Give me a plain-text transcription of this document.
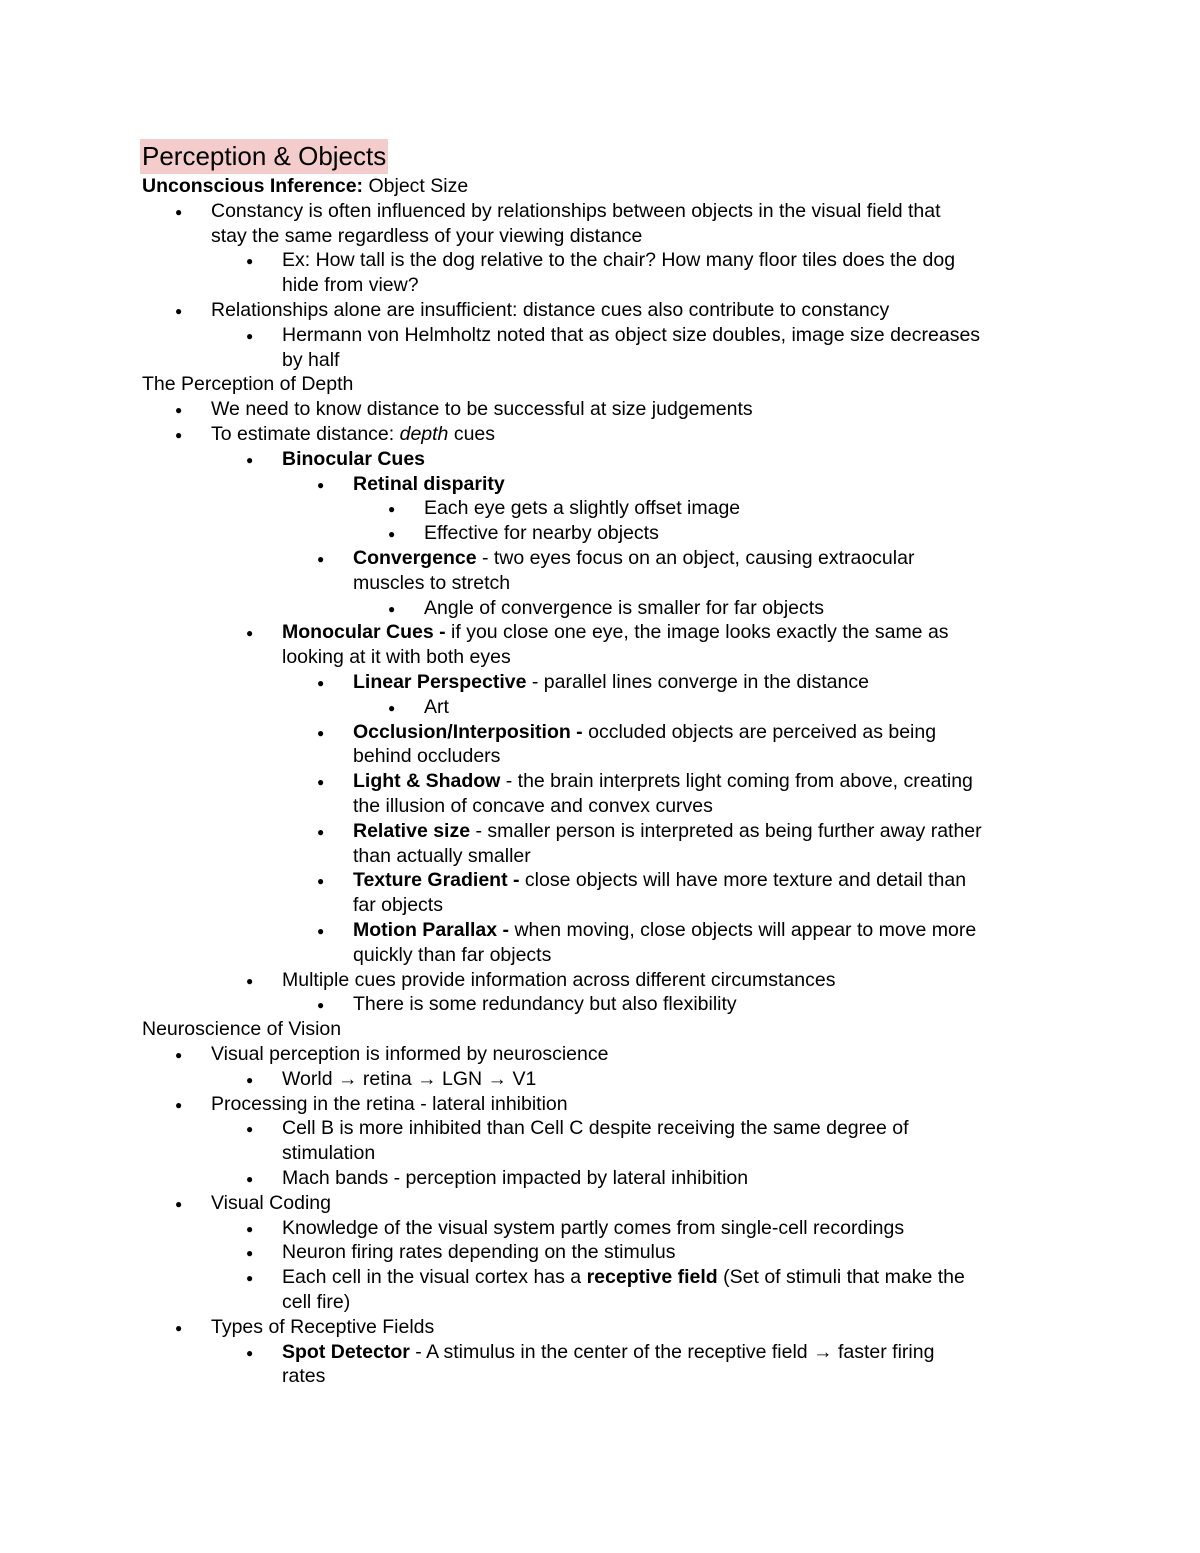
Perception & Objects
Unconscious Inference: Object Size
● Constancy is often influenced by relationships between objects in the visual field that
stay the same regardless of your viewing distance
● Ex: How tall is the dog relative to the chair? How many floor tiles does the dog
hide from view?
● Relationships alone are insufficient: distance cues also contribute to constancy
● Hermann von Helmholtz noted that as object size doubles, image size decreases
by half
The Perception of Depth
● We need to know distance to be successful at size judgements
● To estimate distance: depth cues
● Binocular Cues
● Retinal disparity
● Each eye gets a slightly offset image
● Effective for nearby objects
● Convergence - two eyes focus on an object, causing extraocular
muscles to stretch
● Angle of convergence is smaller for far objects
● Monocular Cues - if you close one eye, the image looks exactly the same as
looking at it with both eyes
● Linear Perspective - parallel lines converge in the distance
● Art
● Occlusion/Interposition - occluded objects are perceived as being
behind occluders
● Light & Shadow - the brain interprets light coming from above, creating
the illusion of concave and convex curves
● Relative size - smaller person is interpreted as being further away rather
than actually smaller
● Texture Gradient - close objects will have more texture and detail than
far objects
● Motion Parallax - when moving, close objects will appear to move more
quickly than far objects
● Multiple cues provide information across different circumstances
● There is some redundancy but also flexibility
Neuroscience of Vision
● Visual perception is informed by neuroscience
● World → retina → LGN → V1
● Processing in the retina - lateral inhibition
● Cell B is more inhibited than Cell C despite receiving the same degree of
stimulation
● Mach bands - perception impacted by lateral inhibition
● Visual Coding
● Knowledge of the visual system partly comes from single-cell recordings
● Neuron firing rates depending on the stimulus
● Each cell in the visual cortex has a receptive field (Set of stimuli that make the
cell fire)
● Types of Receptive Fields
● Spot Detector - A stimulus in the center of the receptive field → faster firing
rates
